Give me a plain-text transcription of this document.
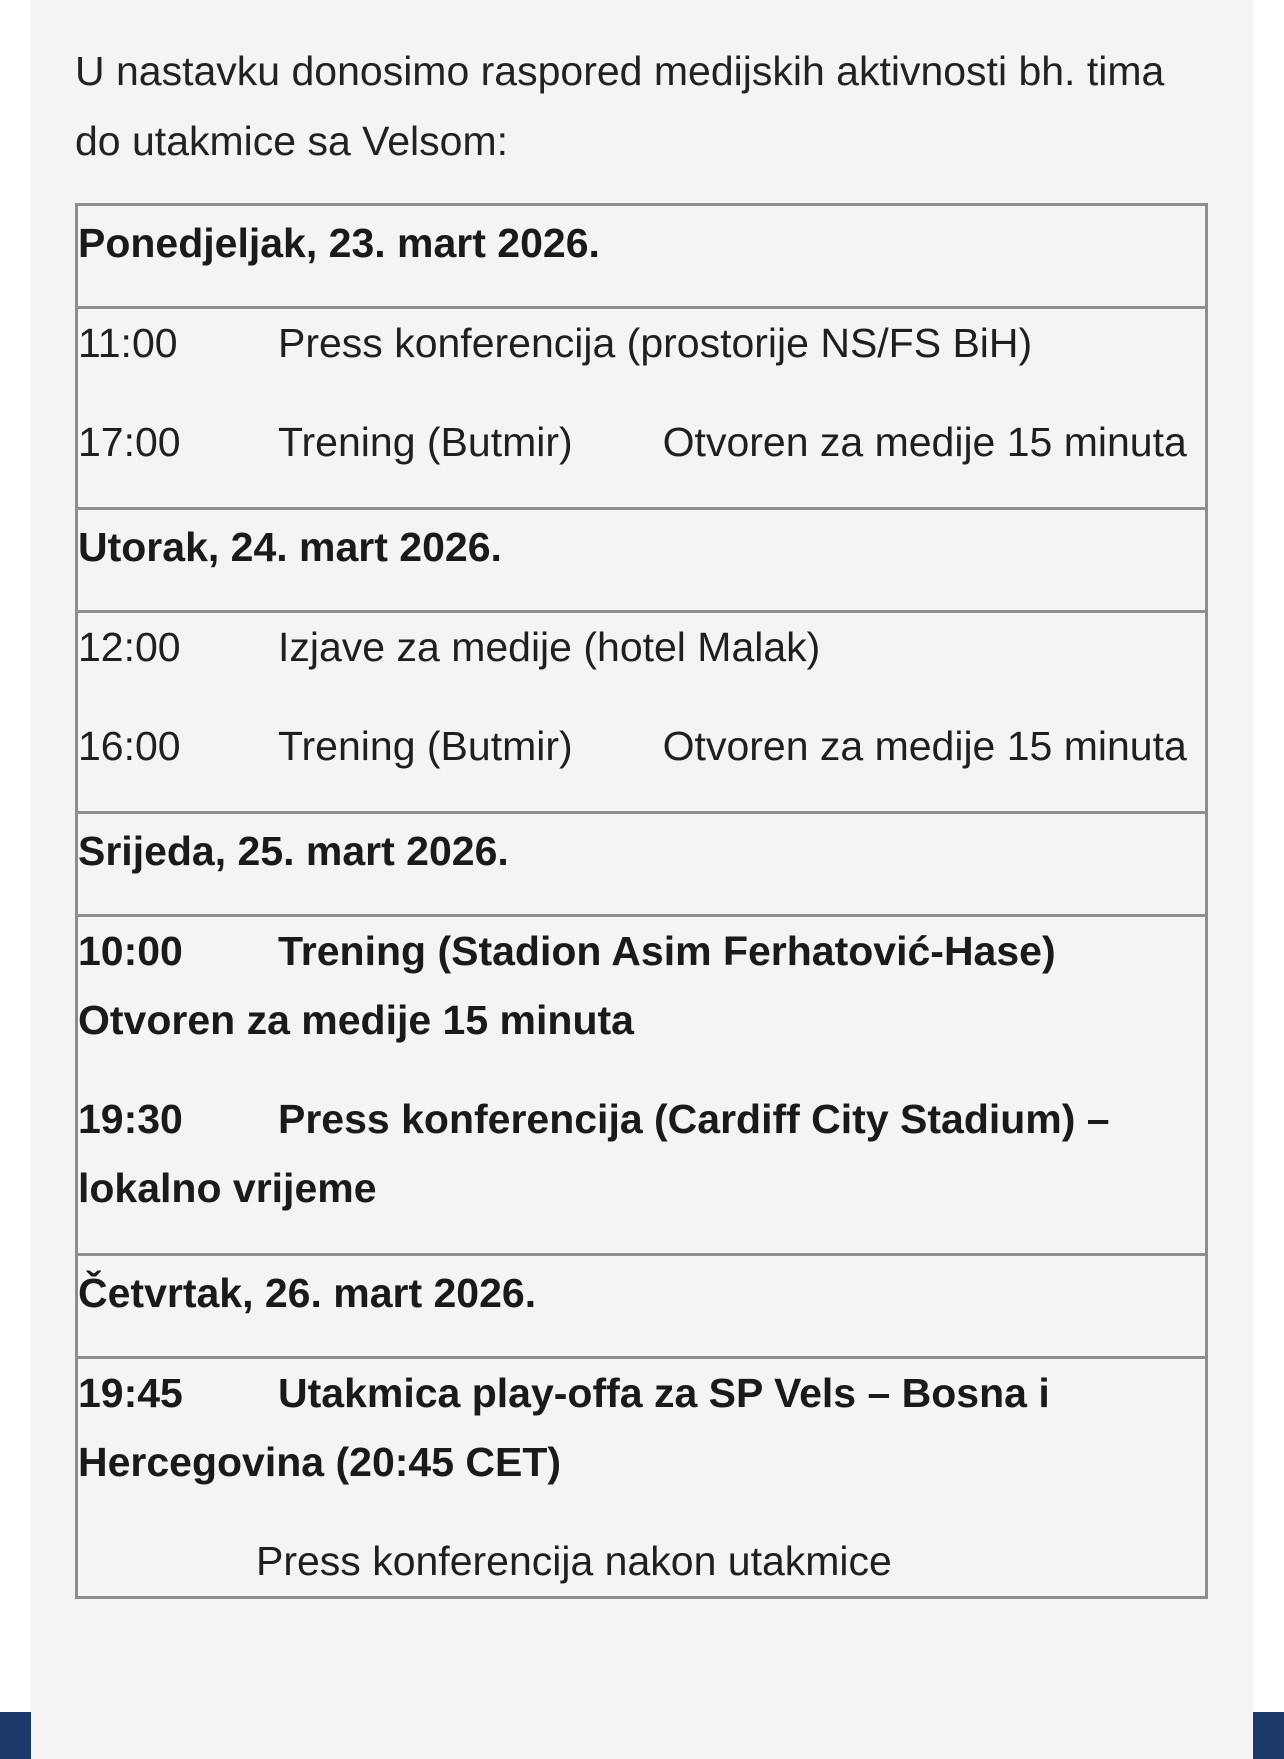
U nastavku donosimo raspored medijskih aktivnosti bh. tima do utakmice sa Velsom:

Ponedjeljak, 23. mart 2026.

11:00 Press konferencija (prostorije NS/FS BiH)
17:00 Trening (Butmir) Otvoren za medije 15 minuta

Utorak, 24. mart 2026.

12:00 Izjave za medije (hotel Malak)
16:00 Trening (Butmir) Otvoren za medije 15 minuta

Srijeda, 25. mart 2026.

10:00 Trening (Stadion Asim Ferhatović-Hase) Otvoren za medije 15 minuta
19:30 Press konferencija (Cardiff City Stadium) – lokalno vrijeme

Četvrtak, 26. mart 2026.

19:45 Utakmica play-offa za SP Vels – Bosna i Hercegovina (20:45 CET)
Press konferencija nakon utakmice
